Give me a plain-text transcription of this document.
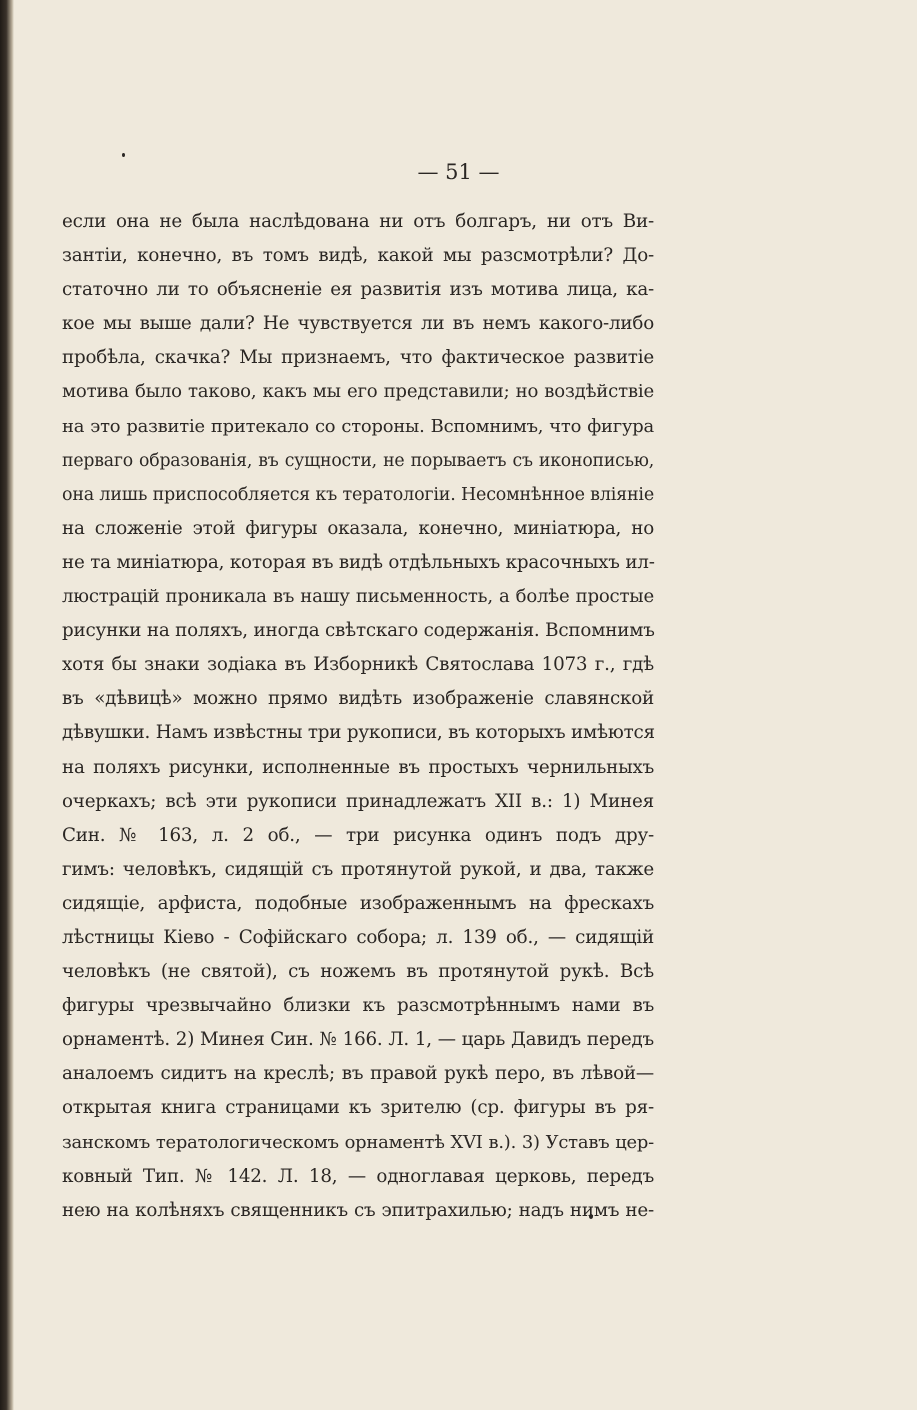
— 51 —

если она не была наслѣдована ни отъ болгаръ, ни отъ Ви-
зантіи, конечно, въ томъ видѣ, какой мы разсмотрѣли? До-
статочно ли то объясненіе ея развитія изъ мотива лица, ка-
кое мы выше дали? Не чувствуется ли въ немъ какого-либо
пробѣла, скачка? Мы признаемъ, что фактическое развитіе
мотива было таково, какъ мы его представили; но воздѣйствіе
на это развитіе притекало со стороны. Вспомнимъ, что фигура
перваго образованія, въ сущности, не порываетъ съ иконописью,
она лишь приспособляется къ тератологіи. Несомнѣнное вліяніе
на сложеніе этой фигуры оказала, конечно, миніатюра, но
не та миніатюра, которая въ видѣ отдѣльныхъ красочныхъ ил-
люстрацій проникала въ нашу письменность, а болѣе простые
рисунки на поляхъ, иногда свѣтскаго содержанія. Вспомнимъ
хотя бы знаки зодіака въ Изборникѣ Святослава 1073 г., гдѣ
въ «дѣвицѣ» можно прямо видѣть изображеніе славянской
дѣвушки. Намъ извѣстны три рукописи, въ которыхъ имѣются
на поляхъ рисунки, исполненные въ простыхъ чернильныхъ
очеркахъ; всѣ эти рукописи принадлежатъ XII в.: 1) Минея
Син. № 163, л. 2 об., — три рисунка одинъ подъ дру-
гимъ: человѣкъ, сидящій съ протянутой рукой, и два, также
сидящіе, арфиста, подобные изображеннымъ на фрескахъ
лѣстницы Кіево - Софійскаго собора; л. 139 об., — сидящій
человѣкъ (не святой), съ ножемъ въ протянутой рукѣ. Всѣ
фигуры чрезвычайно близки къ разсмотрѣннымъ нами въ
орнаментѣ. 2) Минея Син. № 166. Л. 1, — царь Давидъ передъ
аналоемъ сидитъ на креслѣ; въ правой рукѣ перо, въ лѣвой—
открытая книга страницами къ зрителю (ср. фигуры въ ря-
занскомъ тератологическомъ орнаментѣ XVI в.). 3) Уставъ цер-
ковный Тип. № 142. Л. 18, — одноглавая церковь, передъ
нею на колѣняхъ священникъ съ эпитрахилью; надъ нимъ не-
